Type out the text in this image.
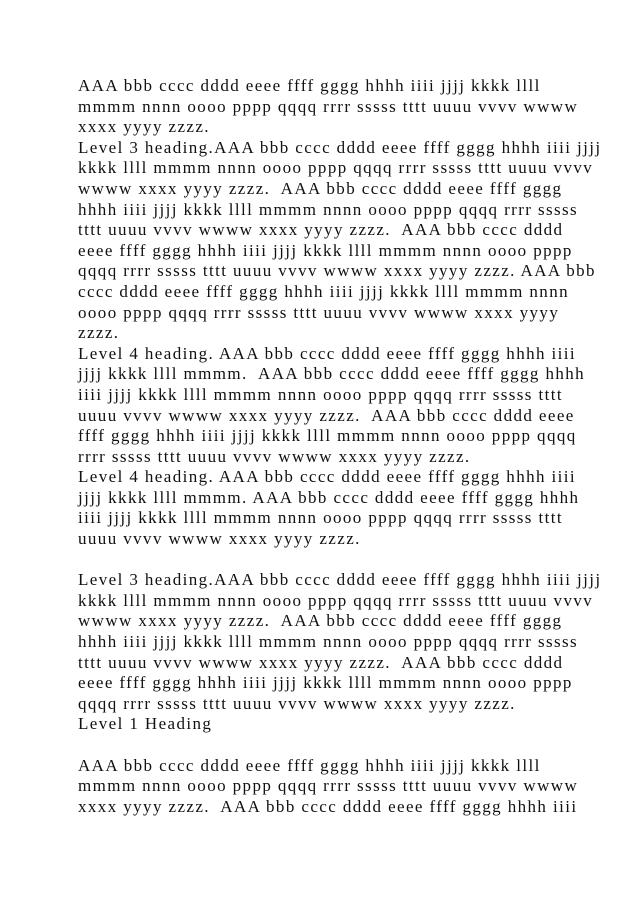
AAA bbb cccc dddd eeee ffff gggg hhhh iiii jjjj kkkk llll
mmmm nnnn oooo pppp qqqq rrrr sssss tttt uuuu vvvv wwww
xxxx yyyy zzzz.
Level 3 heading.AAA bbb cccc dddd eeee ffff gggg hhhh iiii jjjj
kkkk llll mmmm nnnn oooo pppp qqqq rrrr sssss tttt uuuu vvvv
wwww xxxx yyyy zzzz.  AAA bbb cccc dddd eeee ffff gggg
hhhh iiii jjjj kkkk llll mmmm nnnn oooo pppp qqqq rrrr sssss
tttt uuuu vvvv wwww xxxx yyyy zzzz.  AAA bbb cccc dddd
eeee ffff gggg hhhh iiii jjjj kkkk llll mmmm nnnn oooo pppp
qqqq rrrr sssss tttt uuuu vvvv wwww xxxx yyyy zzzz. AAA bbb
cccc dddd eeee ffff gggg hhhh iiii jjjj kkkk llll mmmm nnnn
oooo pppp qqqq rrrr sssss tttt uuuu vvvv wwww xxxx yyyy
zzzz.
Level 4 heading. AAA bbb cccc dddd eeee ffff gggg hhhh iiii
jjjj kkkk llll mmmm.  AAA bbb cccc dddd eeee ffff gggg hhhh
iiii jjjj kkkk llll mmmm nnnn oooo pppp qqqq rrrr sssss tttt
uuuu vvvv wwww xxxx yyyy zzzz.  AAA bbb cccc dddd eeee
ffff gggg hhhh iiii jjjj kkkk llll mmmm nnnn oooo pppp qqqq
rrrr sssss tttt uuuu vvvv wwww xxxx yyyy zzzz.
Level 4 heading. AAA bbb cccc dddd eeee ffff gggg hhhh iiii
jjjj kkkk llll mmmm. AAA bbb cccc dddd eeee ffff gggg hhhh
iiii jjjj kkkk llll mmmm nnnn oooo pppp qqqq rrrr sssss tttt
uuuu vvvv wwww xxxx yyyy zzzz.
Level 3 heading.AAA bbb cccc dddd eeee ffff gggg hhhh iiii jjjj
kkkk llll mmmm nnnn oooo pppp qqqq rrrr sssss tttt uuuu vvvv
wwww xxxx yyyy zzzz.  AAA bbb cccc dddd eeee ffff gggg
hhhh iiii jjjj kkkk llll mmmm nnnn oooo pppp qqqq rrrr sssss
tttt uuuu vvvv wwww xxxx yyyy zzzz.  AAA bbb cccc dddd
eeee ffff gggg hhhh iiii jjjj kkkk llll mmmm nnnn oooo pppp
qqqq rrrr sssss tttt uuuu vvvv wwww xxxx yyyy zzzz.
Level 1 Heading
AAA bbb cccc dddd eeee ffff gggg hhhh iiii jjjj kkkk llll
mmmm nnnn oooo pppp qqqq rrrr sssss tttt uuuu vvvv wwww
xxxx yyyy zzzz.  AAA bbb cccc dddd eeee ffff gggg hhhh iiii
